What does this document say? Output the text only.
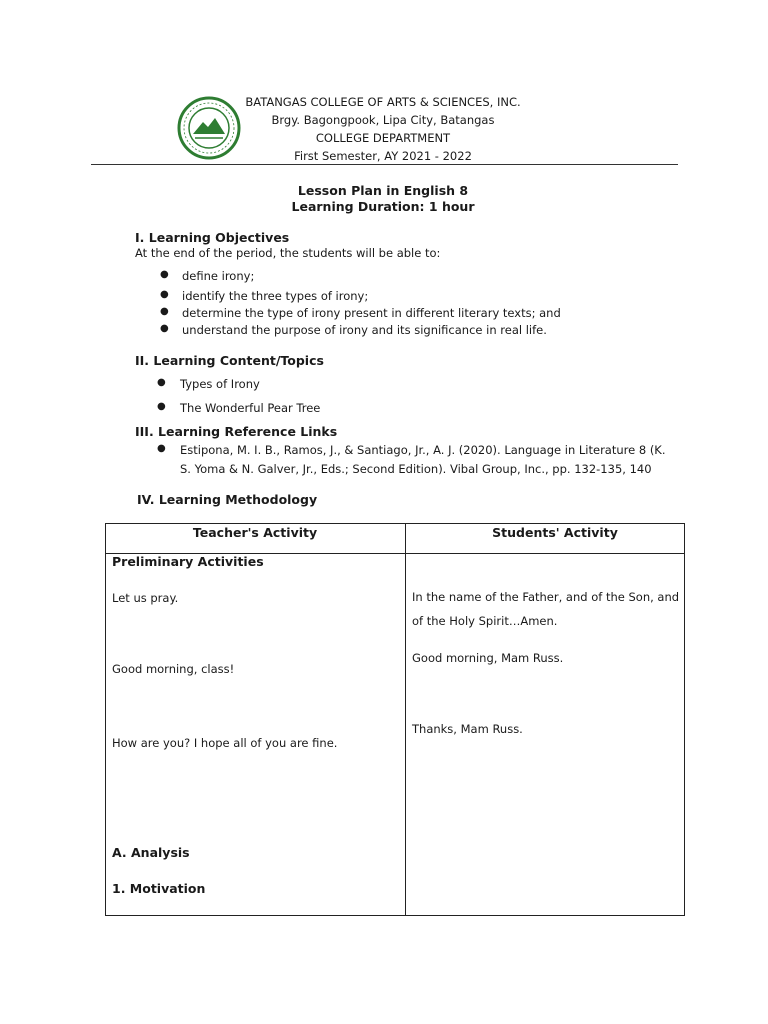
BATANGAS COLLEGE OF ARTS & SCIENCES, INC.
Brgy. Bagongpook, Lipa City, Batangas
COLLEGE DEPARTMENT
First Semester, AY 2021 - 2022
Lesson Plan in English 8
Learning Duration: 1 hour
I. Learning Objectives
At the end of the period, the students will be able to:
● define irony;
● identify the three types of irony;
● determine the type of irony present in different literary texts; and
● understand the purpose of irony and its significance in real life.
II. Learning Content/Topics
● Types of Irony
● The Wonderful Pear Tree
III. Learning Reference Links
● Estipona, M. I. B., Ramos, J., & Santiago, Jr., A. J. (2020). Language in Literature 8 (K.
S. Yoma & N. Galver, Jr., Eds.; Second Edition). Vibal Group, Inc., pp. 132-135, 140
IV. Learning Methodology
Teacher's Activity	Students' Activity
Preliminary Activities
Let us pray.
Good morning, class!
How are you? I hope all of you are fine.
A. Analysis
1. Motivation
In the name of the Father, and of the Son, and
of the Holy Spirit…Amen.
Good morning, Mam Russ.
Thanks, Mam Russ.
